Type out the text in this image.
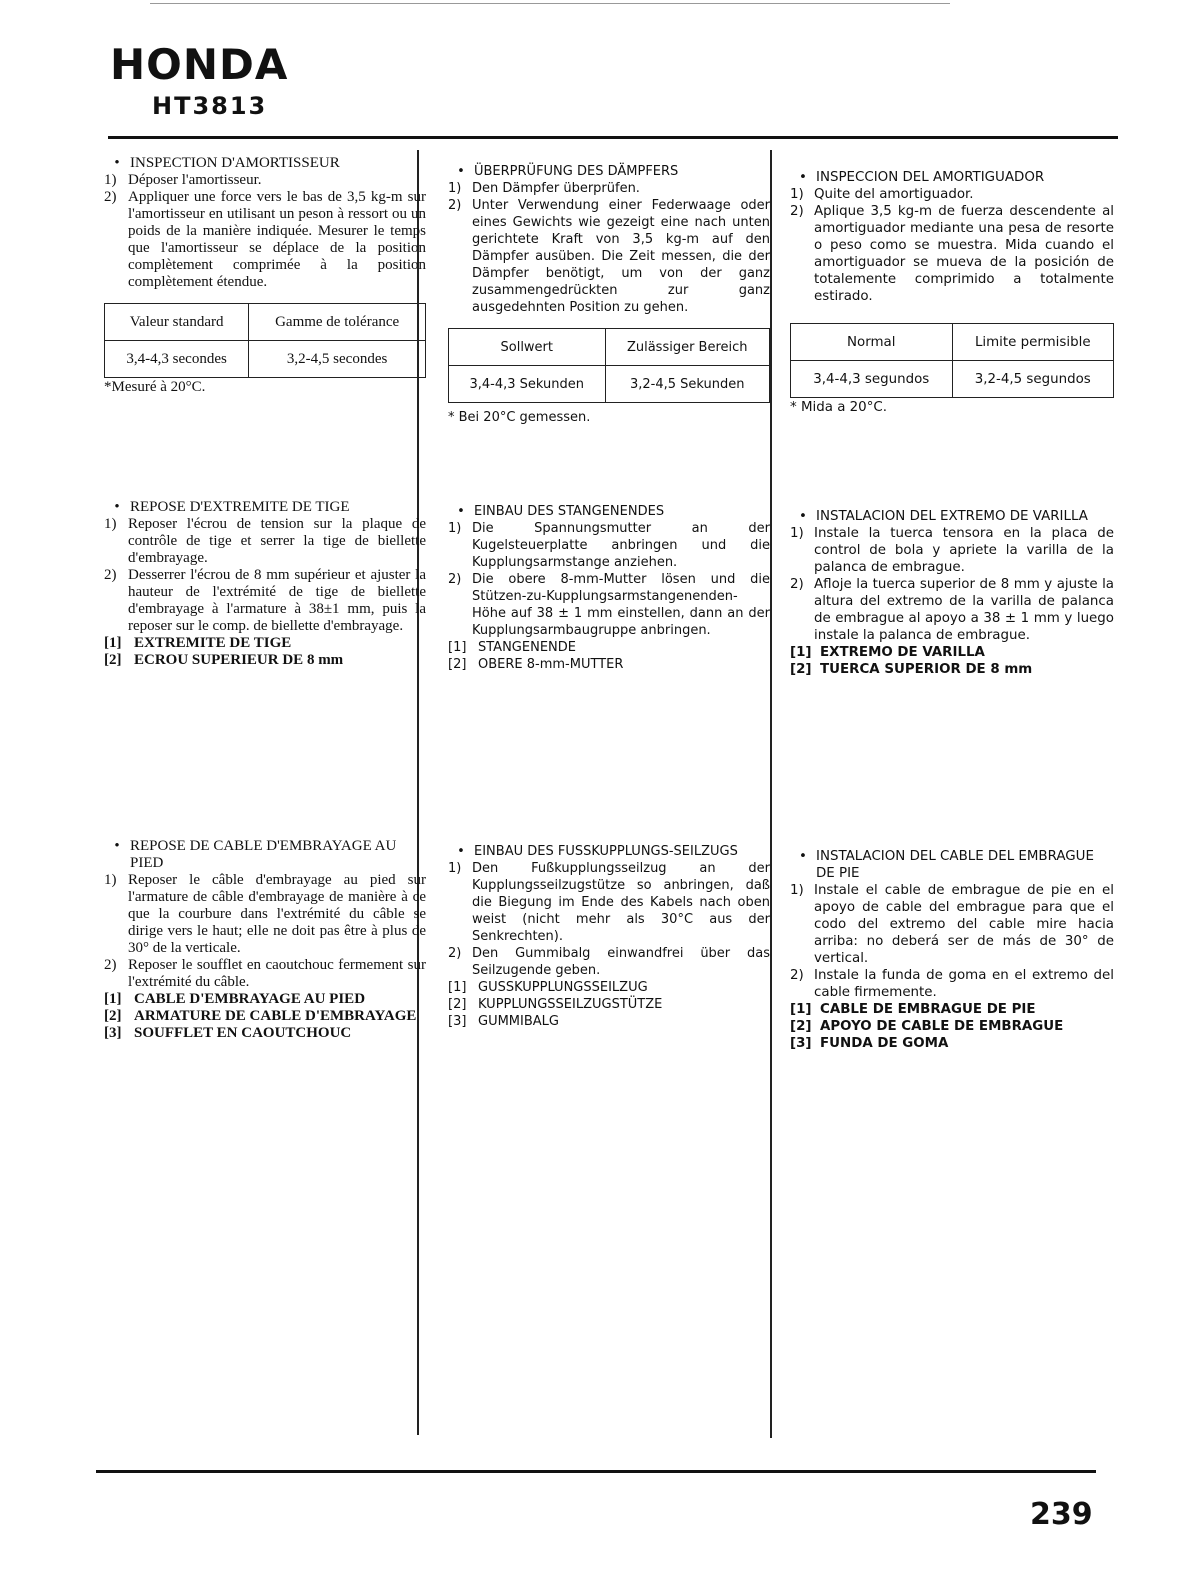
HONDA
HT3813
• INSPECTION D'AMORTISSEUR
1) Déposer l'amortisseur.
2) Appliquer une force vers le bas de 3,5 kg-m sur l'amortisseur en utilisant un peson à ressort ou un poids de la manière indiquée. Mesurer le temps que l'amortisseur se déplace de la position complètement comprimée à la position complètement étendue.
Valeur standard	Gamme de tolérance
3,4-4,3 secondes	3,2-4,5 secondes
*Mesuré à 20°C.
• REPOSE D'EXTREMITE DE TIGE
1) Reposer l'écrou de tension sur la plaque de contrôle de tige et serrer la tige de biellette d'embrayage.
2) Desserrer l'écrou de 8 mm supérieur et ajuster la hauteur de l'extrémité de tige de biellette d'embrayage à l'armature à 38±1 mm, puis la reposer sur le comp. de biellette d'embrayage.
[1] EXTREMITE DE TIGE
[2] ECROU SUPERIEUR DE 8 mm
• REPOSE DE CABLE D'EMBRAYAGE AU PIED
1) Reposer le câble d'embrayage au pied sur l'armature de câble d'embrayage de manière à ce que la courbure dans l'extrémité du câble se dirige vers le haut; elle ne doit pas être à plus de 30° de la verticale.
2) Reposer le soufflet en caoutchouc fermement sur l'extrémité du câble.
[1] CABLE D'EMBRAYAGE AU PIED
[2] ARMATURE DE CABLE D'EMBRAYAGE
[3] SOUFFLET EN CAOUTCHOUC
• ÜBERPRÜFUNG DES DÄMPFERS
1) Den Dämpfer überprüfen.
2) Unter Verwendung einer Federwaage oder eines Gewichts wie gezeigt eine nach unten gerichtete Kraft von 3,5 kg-m auf den Dämpfer ausüben. Die Zeit messen, die der Dämpfer benötigt, um von der ganz zusammengedrückten zur ganz ausgedehnten Position zu gehen.
Sollwert	Zulässiger Bereich
3,4-4,3 Sekunden	3,2-4,5 Sekunden
* Bei 20°C gemessen.
• EINBAU DES STANGENENDES
1) Die Spannungsmutter an der Kugelsteuerplatte anbringen und die Kupplungsarmstange anziehen.
2) Die obere 8-mm-Mutter lösen und die Stützen-zu-Kupplungsarmstangenenden-Höhe auf 38 ± 1 mm einstellen, dann an der Kupplungsarmbaugruppe anbringen.
[1] STANGENENDE
[2] OBERE 8-mm-MUTTER
• EINBAU DES FUSSKUPPLUNGS-SEILZUGS
1) Den Fußkupplungsseilzug an der Kupplungsseilzugstütze so anbringen, daß die Biegung im Ende des Kabels nach oben weist (nicht mehr als 30°C aus der Senkrechten).
2) Den Gummibalg einwandfrei über das Seilzugende geben.
[1] GUSSKUPPLUNGSSEILZUG
[2] KUPPLUNGSSEILZUGSTÜTZE
[3] GUMMIBALG
• INSPECCION DEL AMORTIGUADOR
1) Quite del amortiguador.
2) Aplique 3,5 kg-m de fuerza descendente al amortiguador mediante una pesa de resorte o peso como se muestra. Mida cuando el amortiguador se mueva de la posición de totalemente comprimido a totalmente estirado.
Normal	Limite permisible
3,4-4,3 segundos	3,2-4,5 segundos
* Mida a 20°C.
• INSTALACION DEL EXTREMO DE VARILLA
1) Instale la tuerca tensora en la placa de control de bola y apriete la varilla de la palanca de embrague.
2) Afloje la tuerca superior de 8 mm y ajuste la altura del extremo de la varilla de palanca de embrague al apoyo a 38 ± 1 mm y luego instale la palanca de embrague.
[1] EXTREMO DE VARILLA
[2] TUERCA SUPERIOR DE 8 mm
• INSTALACION DEL CABLE DEL EMBRAGUE DE PIE
1) Instale el cable de embrague de pie en el apoyo de cable del embrague para que el codo del extremo del cable mire hacia arriba: no deberá ser de más de 30° de vertical.
2) Instale la funda de goma en el extremo del cable firmemente.
[1] CABLE DE EMBRAGUE DE PIE
[2] APOYO DE CABLE DE EMBRAGUE
[3] FUNDA DE GOMA
239
